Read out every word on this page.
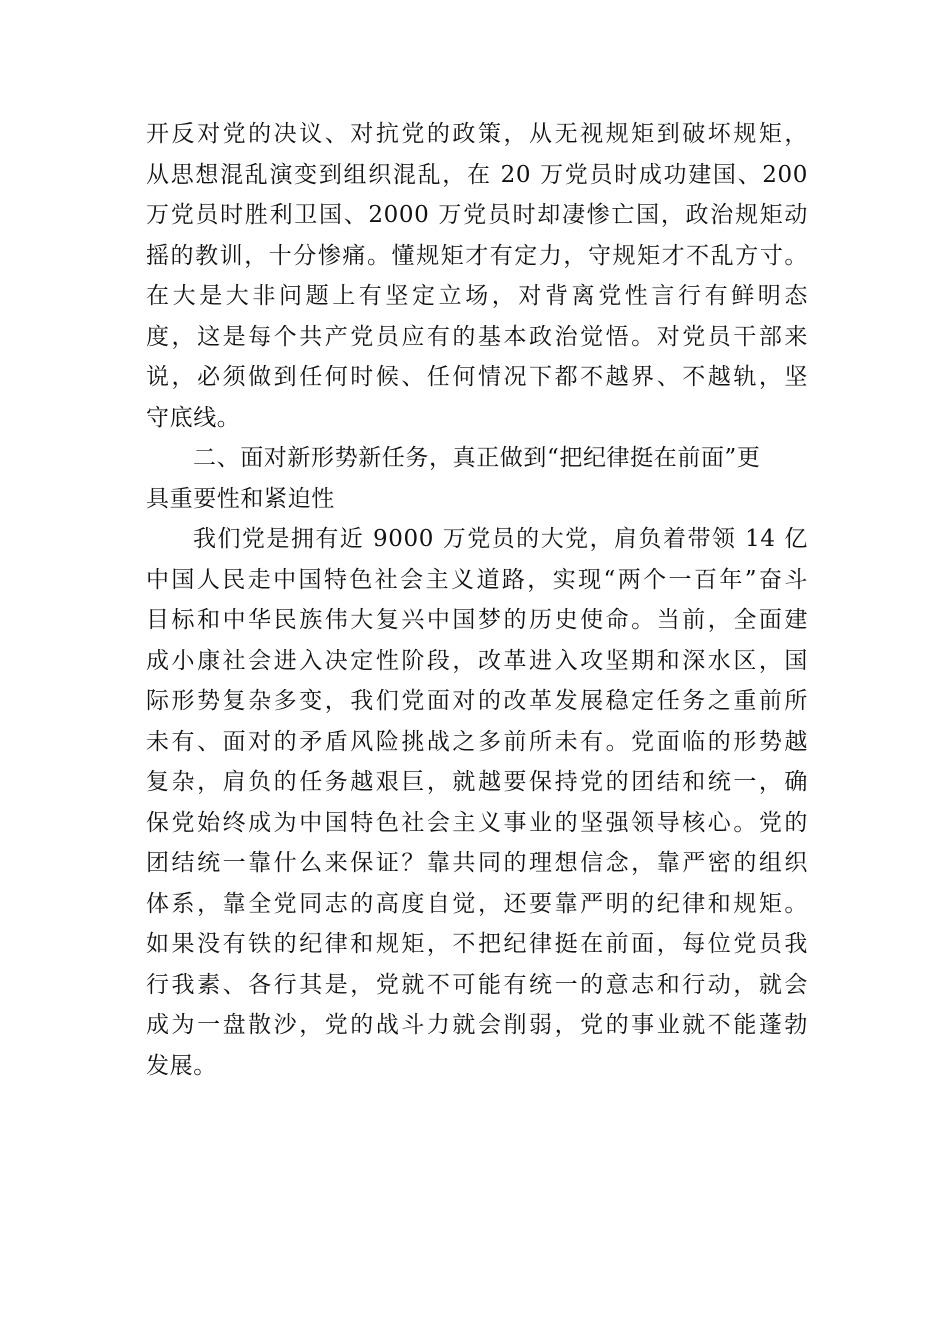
开反对党的决议、对抗党的政策，从无视规矩到破坏规矩，
从思想混乱演变到组织混乱，在 20 万党员时成功建国、200
万党员时胜利卫国、2000 万党员时却凄惨亡国，政治规矩动
摇的教训，十分惨痛。懂规矩才有定力，守规矩才不乱方寸。
在大是大非问题上有坚定立场，对背离党性言行有鲜明态
度，这是每个共产党员应有的基本政治觉悟。对党员干部来
说，必须做到任何时候、任何情况下都不越界、不越轨，坚
守底线。

二、面对新形势新任务，真正做到“把纪律挺在前面”更
具重要性和紧迫性

我们党是拥有近 9000 万党员的大党，肩负着带领 14 亿
中国人民走中国特色社会主义道路，实现“两个一百年”奋斗
目标和中华民族伟大复兴中国梦的历史使命。当前，全面建
成小康社会进入决定性阶段，改革进入攻坚期和深水区，国
际形势复杂多变，我们党面对的改革发展稳定任务之重前所
未有、面对的矛盾风险挑战之多前所未有。党面临的形势越
复杂，肩负的任务越艰巨，就越要保持党的团结和统一，确
保党始终成为中国特色社会主义事业的坚强领导核心。党的
团结统一靠什么来保证？靠共同的理想信念，靠严密的组织
体系，靠全党同志的高度自觉，还要靠严明的纪律和规矩。
如果没有铁的纪律和规矩，不把纪律挺在前面，每位党员我
行我素、各行其是，党就不可能有统一的意志和行动，就会
成为一盘散沙，党的战斗力就会削弱，党的事业就不能蓬勃
发展。
